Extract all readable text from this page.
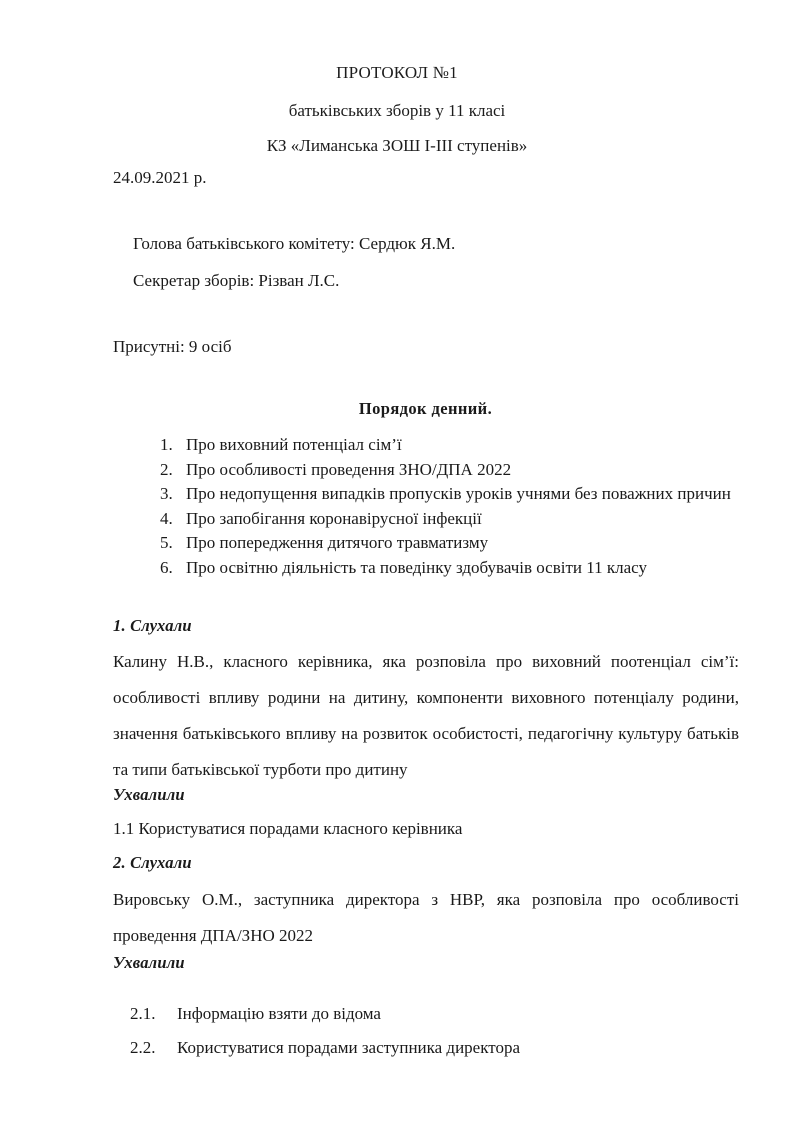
ПРОТОКОЛ №1
батьківських зборів у 11 класі
КЗ «Лиманська ЗОШ І-ІІІ ступенів»
24.09.2021 р.
Голова батьківського комітету: Сердюк Я.М.
Секретар зборів: Різван Л.С.
Присутні: 9 осіб
Порядок денний.
1. Про виховний потенціал сім’ї
2. Про особливості проведення ЗНО/ДПА 2022
3. Про недопущення випадків пропусків уроків учнями без поважних причин
4. Про запобігання коронавірусної інфекції
5. Про попередження дитячого травматизму
6. Про освітню діяльність та поведінку здобувачів освіти 11 класу
1. Слухали
Калину Н.В., класного керівника, яка розповіла про виховний поотенціал сім’ї: особливості впливу родини на дитину, компоненти виховного потенціалу родини, значення батьківського впливу на розвиток особистості, педагогічну культуру батьків та типи батьківської турботи про дитину
Ухвалили
1.1 Користуватися порадами класного керівника
2. Слухали
Вировську О.М., заступника директора з НВР, яка розповіла про особливості проведення ДПА/ЗНО 2022
Ухвалили

2.1. Інформацію взяти до відома

2.2. Користуватися порадами заступника директора
